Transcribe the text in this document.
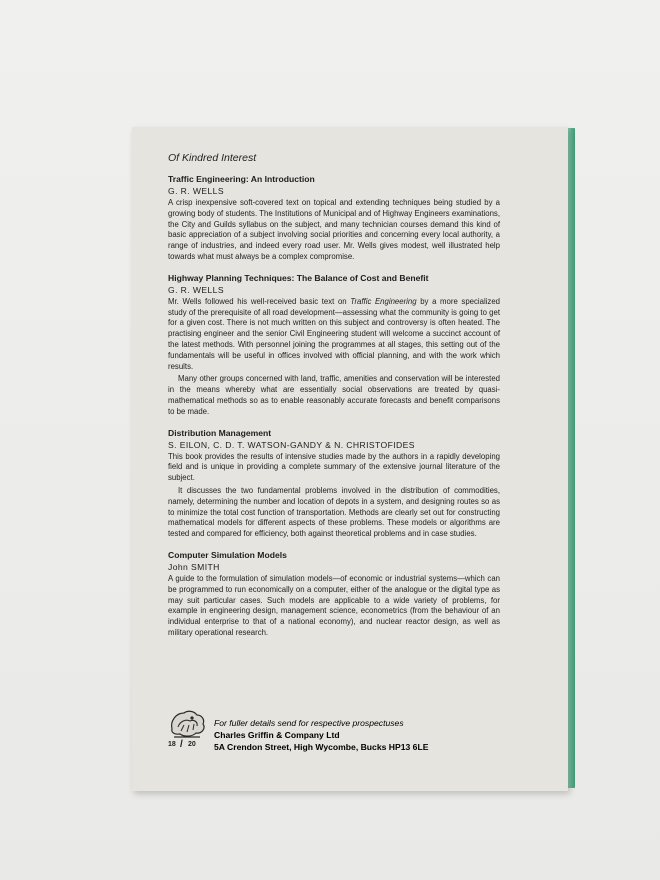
Of Kindred Interest

Traffic Engineering: An Introduction

G. R. WELLS

A crisp inexpensive soft-covered text on topical and extending techniques being studied by a growing body of students. The Institutions of Municipal and of Highway Engineers examinations, the City and Guilds syllabus on the subject, and many technician courses demand this kind of basic appreciation of a subject involving social priorities and concerning every local authority, a range of industries, and indeed every road user. Mr. Wells gives modest, well illustrated help towards what must always be a complex compromise.

Highway Planning Techniques: The Balance of Cost and Benefit

G. R. WELLS

Mr. Wells followed his well-received basic text on Traffic Engineering by a more specialized study of the prerequisite of all road development—assessing what the community is going to get for a given cost. There is not much written on this subject and controversy is often heated. The practising engineer and the senior Civil Engineering student will welcome a succinct account of the latest methods. With personnel joining the programmes at all stages, this setting out of the fundamentals will be useful in offices involved with official planning, and with the work which results.

Many other groups concerned with land, traffic, amenities and conservation will be interested in the means whereby what are essentially social observations are treated by quasi-mathematical methods so as to enable reasonably accurate forecasts and benefit comparisons to be made.

Distribution Management

S. EILON, C. D. T. WATSON-GANDY & N. CHRISTOFIDES

This book provides the results of intensive studies made by the authors in a rapidly developing field and is unique in providing a complete summary of the extensive journal literature of the subject.

It discusses the two fundamental problems involved in the distribution of commodities, namely, determining the number and location of depots in a system, and designing routes so as to minimize the total cost function of transportation. Methods are clearly set out for constructing mathematical models for different aspects of these problems. These models or algorithms are tested and compared for efficiency, both against theoretical problems and in case studies.

Computer Simulation Models

John SMITH

A guide to the formulation of simulation models—of economic or industrial systems—which can be programmed to run economically on a computer, either of the analogue or the digital type as may suit particular cases. Such models are applicable to a wide variety of problems, for example in engineering design, management science, econometrics (from the behaviour of an individual enterprise to that of a national economy), and nuclear reactor design, as well as military operational research.

18 / 20
For fuller details send for respective prospectuses
Charles Griffin & Company Ltd
5A Crendon Street, High Wycombe, Bucks HP13 6LE
